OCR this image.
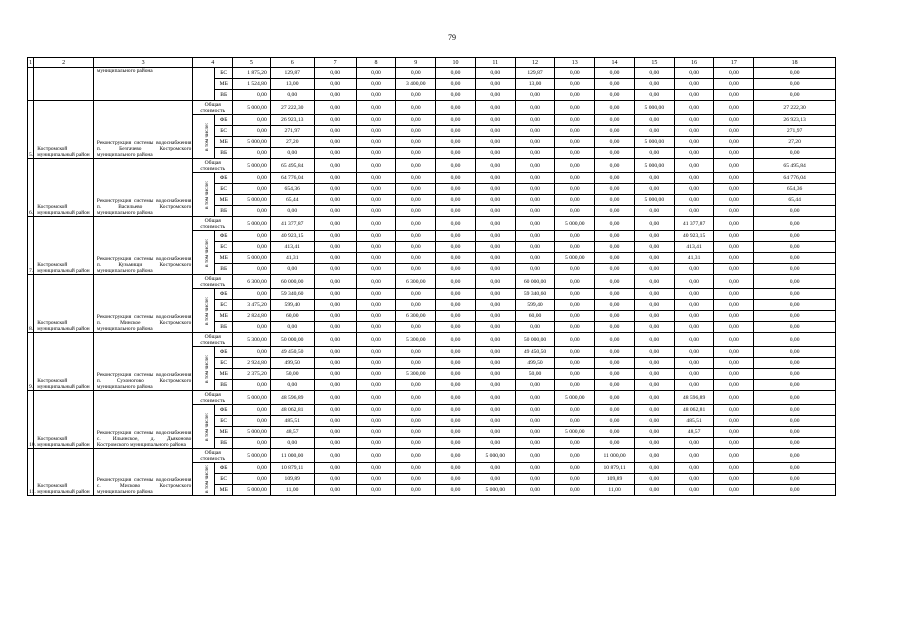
79
1	2	3	4		5	6	7	8	9	10	11	12	13	14	15	16	17	18
		муниципального района		БС	1 875,20	129,87	0,00	0,00	0,00	0,00	0,00	129,87	0,00	0,00	0,00	0,00	0,00	0,00
				МБ	1 524,80	13,00	0,00	0,00	3 400,00	0,00	0,00	13,00	0,00	0,00	0,00	0,00	0,00	0,00
				ВБ	0,00	0,00	0,00	0,00	0,00	0,00	0,00	0,00	0,00	0,00	0,00	0,00	0,00	0,00
5.	Костромской муниципальный район	Реконструкция системы водоснабжения п. Безгачево Костромского муниципального района	Общая стоимость		5 000,00	27 222,30	0,00	0,00	0,00	0,00	0,00	0,00	0,00	0,00	5 000,00	0,00	0,00	27 222,30
			в том числе:	ФБ	0,00	26 923,13	0,00	0,00	0,00	0,00	0,00	0,00	0,00	0,00	0,00	0,00	0,00	26 923,13
				БС	0,00	271,97	0,00	0,00	0,00	0,00	0,00	0,00	0,00	0,00	0,00	0,00	0,00	271,97
				МБ	5 000,00	27,20	0,00	0,00	0,00	0,00	0,00	0,00	0,00	0,00	5 000,00	0,00	0,00	27,20
				ВБ	0,00	0,00	0,00	0,00	0,00	0,00	0,00	0,00	0,00	0,00	0,00	0,00	0,00	0,00
6.	Костромской муниципальный район	Реконструкция системы водоснабжения п. Васильево Костромского муниципального района	Общая стоимость		5 000,00	65 495,84	0,00	0,00	0,00	0,00	0,00	0,00	0,00	0,00	5 000,00	0,00	0,00	65 495,84
			в том числе:	ФБ	0,00	64 776,04	0,00	0,00	0,00	0,00	0,00	0,00	0,00	0,00	0,00	0,00	0,00	64 776,04
				БС	0,00	654,36	0,00	0,00	0,00	0,00	0,00	0,00	0,00	0,00	0,00	0,00	0,00	654,36
				МБ	5 000,00	65,44	0,00	0,00	0,00	0,00	0,00	0,00	0,00	0,00	5 000,00	0,00	0,00	65,44
				ВБ	0,00	0,00	0,00	0,00	0,00	0,00	0,00	0,00	0,00	0,00	0,00	0,00	0,00	0,00
7.	Костромской муниципальный район	Реконструкция системы водоснабжения п. Кузьмищи Костромского муниципального района	Общая стоимость		5 000,00	41 377,87	0,00	0,00	0,00	0,00	0,00	0,00	5 000,00	0,00	0,00	41 377,87	0,00	0,00
			в том числе:	ФБ	0,00	40 923,15	0,00	0,00	0,00	0,00	0,00	0,00	0,00	0,00	0,00	40 923,15	0,00	0,00
				БС	0,00	413,41	0,00	0,00	0,00	0,00	0,00	0,00	0,00	0,00	0,00	413,41	0,00	0,00
				МБ	5 000,00	41,31	0,00	0,00	0,00	0,00	0,00	0,00	5 000,00	0,00	0,00	41,31	0,00	0,00
				ВБ	0,00	0,00	0,00	0,00	0,00	0,00	0,00	0,00	0,00	0,00	0,00	0,00	0,00	0,00
8.	Костромской муниципальный район	Реконструкция системы водоснабжения п. Минское Костромского муниципального района	Общая стоимость		6 300,00	60 000,00	0,00	0,00	6 300,00	0,00	0,00	60 000,00	0,00	0,00	0,00	0,00	0,00	0,00
			в том числе:	ФБ	0,00	59 340,60	0,00	0,00	0,00	0,00	0,00	59 340,60	0,00	0,00	0,00	0,00	0,00	0,00
				БС	3 475,20	599,40	0,00	0,00	0,00	0,00	0,00	599,40	0,00	0,00	0,00	0,00	0,00	0,00
				МБ	2 824,80	60,00	0,00	0,00	6 300,00	0,00	0,00	60,00	0,00	0,00	0,00	0,00	0,00	0,00
				ВБ	0,00	0,00	0,00	0,00	0,00	0,00	0,00	0,00	0,00	0,00	0,00	0,00	0,00	0,00
9.	Костромской муниципальный район	Реконструкция системы водоснабжения п. Сухоногово Костромского муниципального района	Общая стоимость		5 300,00	50 000,00	0,00	0,00	5 300,00	0,00	0,00	50 000,00	0,00	0,00	0,00	0,00	0,00	0,00
			в том числе:	ФБ	0,00	49 450,50	0,00	0,00	0,00	0,00	0,00	49 450,50	0,00	0,00	0,00	0,00	0,00	0,00
				БС	2 924,80	499,50	0,00	0,00	0,00	0,00	0,00	499,50	0,00	0,00	0,00	0,00	0,00	0,00
				МБ	2 375,20	50,00	0,00	0,00	5 300,00	0,00	0,00	50,00	0,00	0,00	0,00	0,00	0,00	0,00
				ВБ	0,00	0,00	0,00	0,00	0,00	0,00	0,00	0,00	0,00	0,00	0,00	0,00	0,00	0,00
10.	Костромской муниципальный район	Реконструкция системы водоснабжения с. Ильинское, д. Дьяконово Костромского муниципального района	Общая стоимость		5 000,00	48 596,89	0,00	0,00	0,00	0,00	0,00	0,00	5 000,00	0,00	0,00	48 596,89	0,00	0,00
			в том числе:	ФБ	0,00	48 062,81	0,00	0,00	0,00	0,00	0,00	0,00	0,00	0,00	0,00	48 062,81	0,00	0,00
				БС	0,00	485,51	0,00	0,00	0,00	0,00	0,00	0,00	0,00	0,00	0,00	485,51	0,00	0,00
				МБ	5 000,00	48,57	0,00	0,00	0,00	0,00	0,00	0,00	5 000,00	0,00	0,00	48,57	0,00	0,00
				ВБ	0,00	0,00	0,00	0,00	0,00	0,00	0,00	0,00	0,00	0,00	0,00	0,00	0,00	0,00
11.	Костромской муниципальный район	Реконструкция системы водоснабжения с. Мисково Костромского муниципального района	Общая стоимость		5 000,00	11 000,00	0,00	0,00	0,00	0,00	5 000,00	0,00	0,00	11 000,00	0,00	0,00	0,00	0,00
			в том числе:	ФБ	0,00	10 879,11	0,00	0,00	0,00	0,00	0,00	0,00	0,00	10 879,11	0,00	0,00	0,00	0,00
				БС	0,00	109,89	0,00	0,00	0,00	0,00	0,00	0,00	0,00	109,89	0,00	0,00	0,00	0,00
				МБ	5 000,00	11,00	0,00	0,00	0,00	0,00	5 000,00	0,00	0,00	11,00	0,00	0,00	0,00	0,00
